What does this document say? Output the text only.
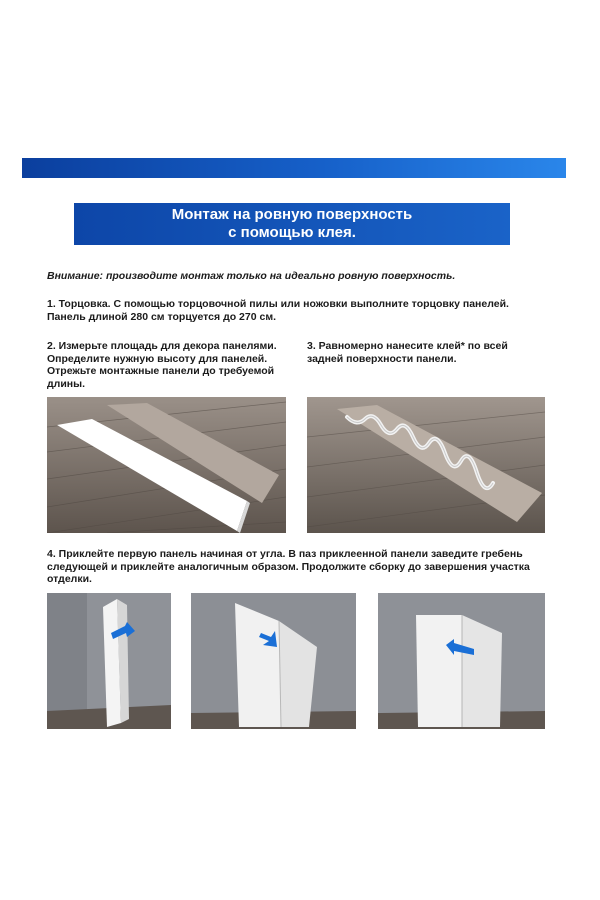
Монтаж на ровную поверхность
с помощью клея.
Внимание: производите монтаж только на идеально ровную поверхность.
1. Торцовка. С помощью торцовочной пилы или ножовки выполните торцовку панелей.
Панель длиной 280 см торцуется до 270 см.
2. Измерьте площадь для декора панелями.
Определите нужную высоту для панелей.
Отрежьте монтажные панели до требуемой
длины.
3. Равномерно нанесите клей* по всей
задней поверхности панели.
4. Приклейте первую панель начиная от угла. В паз приклеенной панели заведите гребень
следующей и приклейте аналогичным образом. Продолжите сборку до завершения участка
отделки.
